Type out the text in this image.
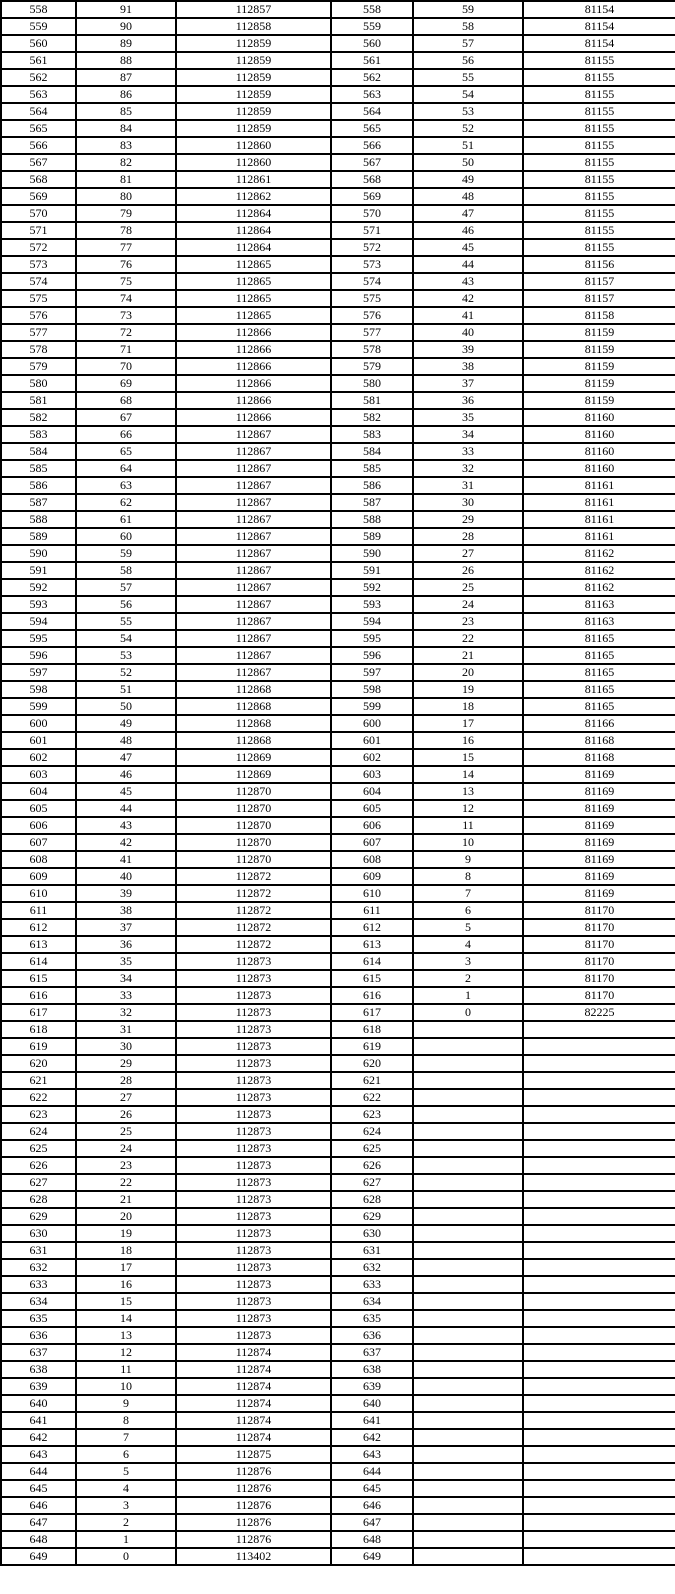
558	91	112857	558	59	81154
559	90	112858	559	58	81154
560	89	112859	560	57	81154
561	88	112859	561	56	81155
562	87	112859	562	55	81155
563	86	112859	563	54	81155
564	85	112859	564	53	81155
565	84	112859	565	52	81155
566	83	112860	566	51	81155
567	82	112860	567	50	81155
568	81	112861	568	49	81155
569	80	112862	569	48	81155
570	79	112864	570	47	81155
571	78	112864	571	46	81155
572	77	112864	572	45	81155
573	76	112865	573	44	81156
574	75	112865	574	43	81157
575	74	112865	575	42	81157
576	73	112865	576	41	81158
577	72	112866	577	40	81159
578	71	112866	578	39	81159
579	70	112866	579	38	81159
580	69	112866	580	37	81159
581	68	112866	581	36	81159
582	67	112866	582	35	81160
583	66	112867	583	34	81160
584	65	112867	584	33	81160
585	64	112867	585	32	81160
586	63	112867	586	31	81161
587	62	112867	587	30	81161
588	61	112867	588	29	81161
589	60	112867	589	28	81161
590	59	112867	590	27	81162
591	58	112867	591	26	81162
592	57	112867	592	25	81162
593	56	112867	593	24	81163
594	55	112867	594	23	81163
595	54	112867	595	22	81165
596	53	112867	596	21	81165
597	52	112867	597	20	81165
598	51	112868	598	19	81165
599	50	112868	599	18	81165
600	49	112868	600	17	81166
601	48	112868	601	16	81168
602	47	112869	602	15	81168
603	46	112869	603	14	81169
604	45	112870	604	13	81169
605	44	112870	605	12	81169
606	43	112870	606	11	81169
607	42	112870	607	10	81169
608	41	112870	608	9	81169
609	40	112872	609	8	81169
610	39	112872	610	7	81169
611	38	112872	611	6	81170
612	37	112872	612	5	81170
613	36	112872	613	4	81170
614	35	112873	614	3	81170
615	34	112873	615	2	81170
616	33	112873	616	1	81170
617	32	112873	617	0	82225
618	31	112873	618		
619	30	112873	619		
620	29	112873	620		
621	28	112873	621		
622	27	112873	622		
623	26	112873	623		
624	25	112873	624		
625	24	112873	625		
626	23	112873	626		
627	22	112873	627		
628	21	112873	628		
629	20	112873	629		
630	19	112873	630		
631	18	112873	631		
632	17	112873	632		
633	16	112873	633		
634	15	112873	634		
635	14	112873	635		
636	13	112873	636		
637	12	112874	637		
638	11	112874	638		
639	10	112874	639		
640	9	112874	640		
641	8	112874	641		
642	7	112874	642		
643	6	112875	643		
644	5	112876	644		
645	4	112876	645		
646	3	112876	646		
647	2	112876	647		
648	1	112876	648		
649	0	113402	649		
